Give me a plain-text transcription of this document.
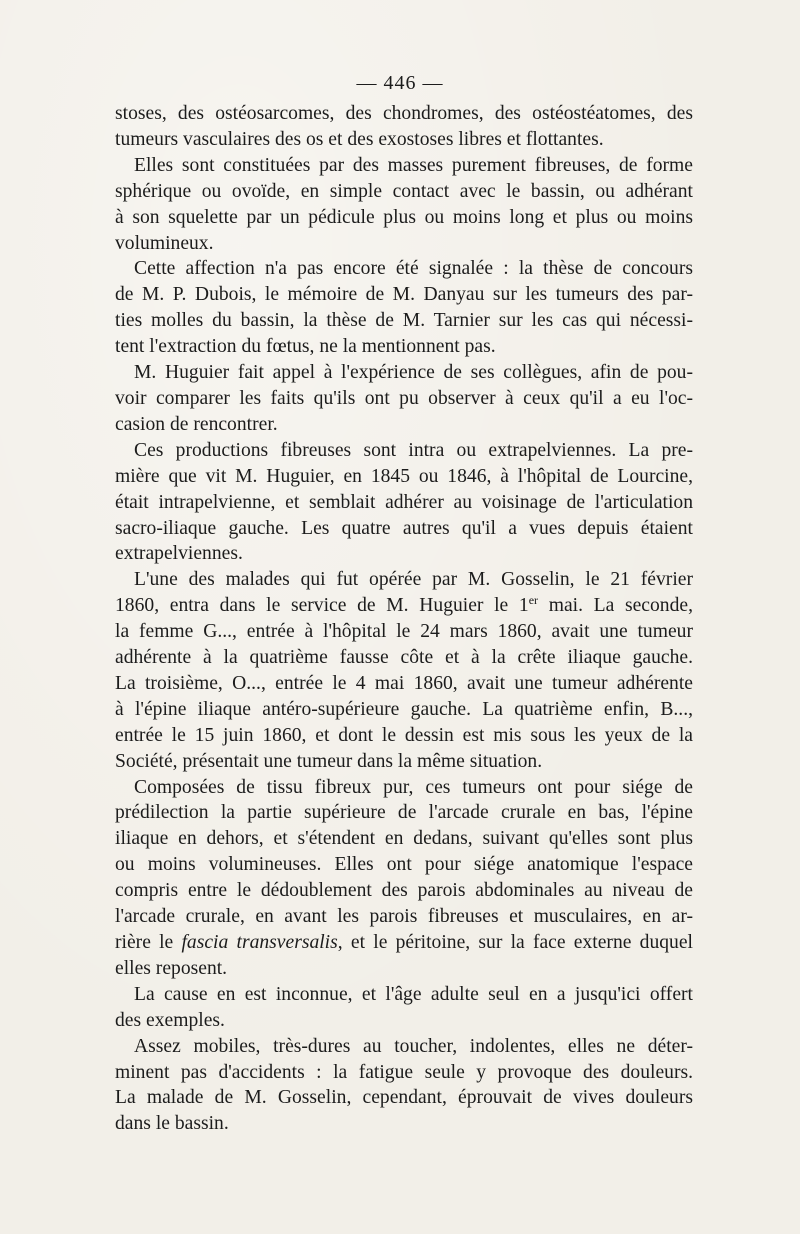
— 446 —
stoses, des ostéosarcomes, des chondromes, des ostéostéatomes, des
tumeurs vasculaires des os et des exostoses libres et flottantes.
Elles sont constituées par des masses purement fibreuses, de forme
sphérique ou ovoïde, en simple contact avec le bassin, ou adhérant
à son squelette par un pédicule plus ou moins long et plus ou moins
volumineux.
Cette affection n'a pas encore été signalée : la thèse de concours
de M. P. Dubois, le mémoire de M. Danyau sur les tumeurs des par-
ties molles du bassin, la thèse de M. Tarnier sur les cas qui nécessi-
tent l'extraction du fœtus, ne la mentionnent pas.
M. Huguier fait appel à l'expérience de ses collègues, afin de pou-
voir comparer les faits qu'ils ont pu observer à ceux qu'il a eu l'oc-
casion de rencontrer.
Ces productions fibreuses sont intra ou extrapelviennes. La pre-
mière que vit M. Huguier, en 1845 ou 1846, à l'hôpital de Lourcine,
était intrapelvienne, et semblait adhérer au voisinage de l'articulation
sacro-iliaque gauche. Les quatre autres qu'il a vues depuis étaient
extrapelviennes.
L'une des malades qui fut opérée par M. Gosselin, le 21 février
1860, entra dans le service de M. Huguier le 1er mai. La seconde,
la femme G..., entrée à l'hôpital le 24 mars 1860, avait une tumeur
adhérente à la quatrième fausse côte et à la crête iliaque gauche.
La troisième, O..., entrée le 4 mai 1860, avait une tumeur adhérente
à l'épine iliaque antéro-supérieure gauche. La quatrième enfin, B...,
entrée le 15 juin 1860, et dont le dessin est mis sous les yeux de la
Société, présentait une tumeur dans la même situation.
Composées de tissu fibreux pur, ces tumeurs ont pour siége de
prédilection la partie supérieure de l'arcade crurale en bas, l'épine
iliaque en dehors, et s'étendent en dedans, suivant qu'elles sont plus
ou moins volumineuses. Elles ont pour siége anatomique l'espace
compris entre le dédoublement des parois abdominales au niveau de
l'arcade crurale, en avant les parois fibreuses et musculaires, en ar-
rière le fascia transversalis, et le péritoine, sur la face externe duquel
elles reposent.
La cause en est inconnue, et l'âge adulte seul en a jusqu'ici offert
des exemples.
Assez mobiles, très-dures au toucher, indolentes, elles ne déter-
minent pas d'accidents : la fatigue seule y provoque des douleurs.
La malade de M. Gosselin, cependant, éprouvait de vives douleurs
dans le bassin.
